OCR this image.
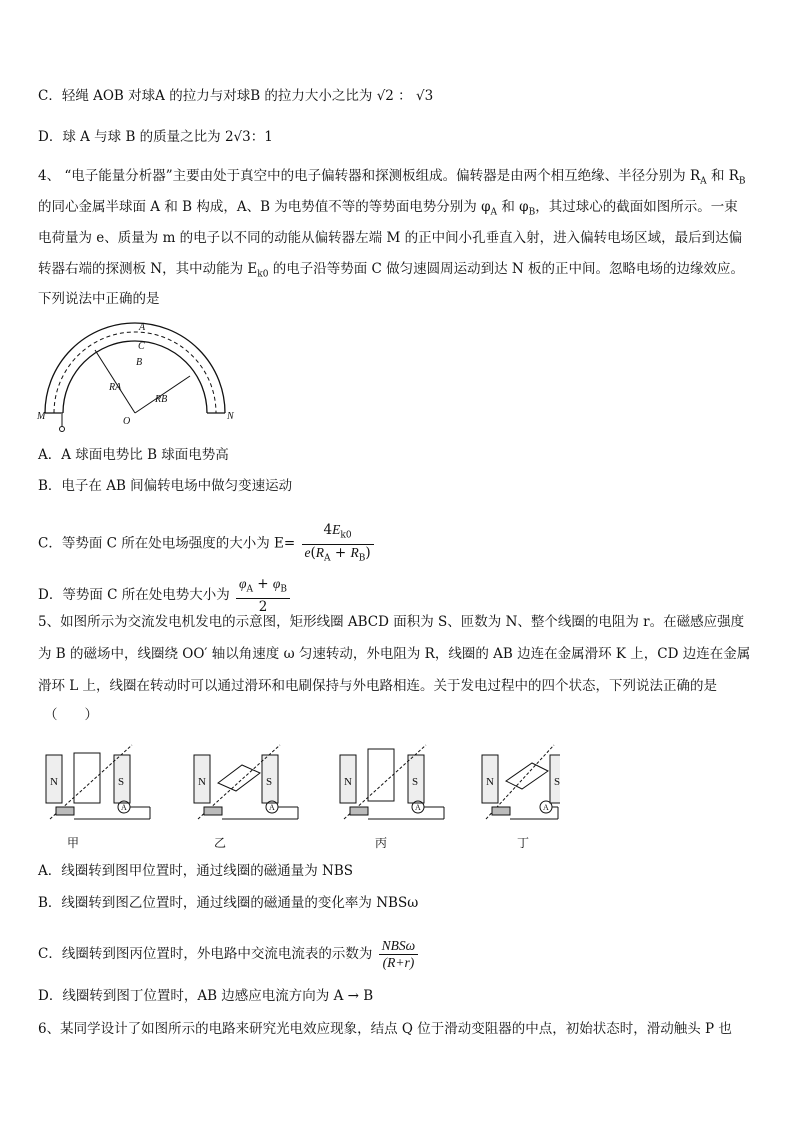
C．轻绳 AOB 对球A 的拉力与对球B 的拉力大小之比为 √2 ： √3
D．球 A 与球 B 的质量之比为 2√3：1
4、 “电子能量分析器”主要由处于真空中的电子偏转器和探测板组成。偏转器是由两个相互绝缘、半径分别为 $R_A$ 和 $R_B$
的同心金属半球面 A 和 B 构成，A、B 为电势值不等的等势面电势分别为 $\varphi_A$ 和 $\varphi_B$，其过球心的截面如图所示。一束
电荷量为 e、质量为 m 的电子以不同的动能从偏转器左端 M 的正中间小孔垂直入射，进入偏转电场区域，最后到达偏
转器右端的探测板 N，其中动能为 $E_{k0}$ 的电子沿等势面 C 做匀速圆周运动到达 N 板的正中间。忽略电场的边缘效应。
下列说法中正确的是
A
C
B
RA
RB
O
M	N
A．A 球面电势比 B 球面电势高
B．电子在 AB 间偏转电场中做匀变速运动
C．等势面 C 所在处电场强度的大小为 $E= \frac{4E_{k0}}{e(R_A + R_B)}$
D．等势面 C 所在处电势大小为 $\frac{\varphi_A + \varphi_B}{2}$
5、如图所示为交流发电机发电的示意图，矩形线圈 ABCD 面积为 S、匝数为 N、整个线圈的电阻为 r。在磁感应强度
为 B 的磁场中，线圈绕 OO′ 轴以角速度 ω 匀速转动，外电阻为 R，线圈的 AB 边连在金属滑环 K 上，CD 边连在金属
滑环 L 上，线圈在转动时可以通过滑环和电刷保持与外电路相连。关于发电过程中的四个状态，下列说法正确的是
（　　）
N	S
A
N	S
A
N	S
A
N	S
A
甲	乙	丙	丁
A．线圈转到图甲位置时，通过线圈的磁通量为 NBS
B．线圈转到图乙位置时，通过线圈的磁通量的变化率为 NBSω
C．线圈转到图丙位置时，外电路中交流电流表的示数为 $\frac{\text{NBSω}}{(R+r)}$
D．线圈转到图丁位置时，AB 边感应电流方向为 A → B
6、某同学设计了如图所示的电路来研究光电效应现象，结点 Q 位于滑动变阻器的中点，初始状态时，滑动触头 P 也
